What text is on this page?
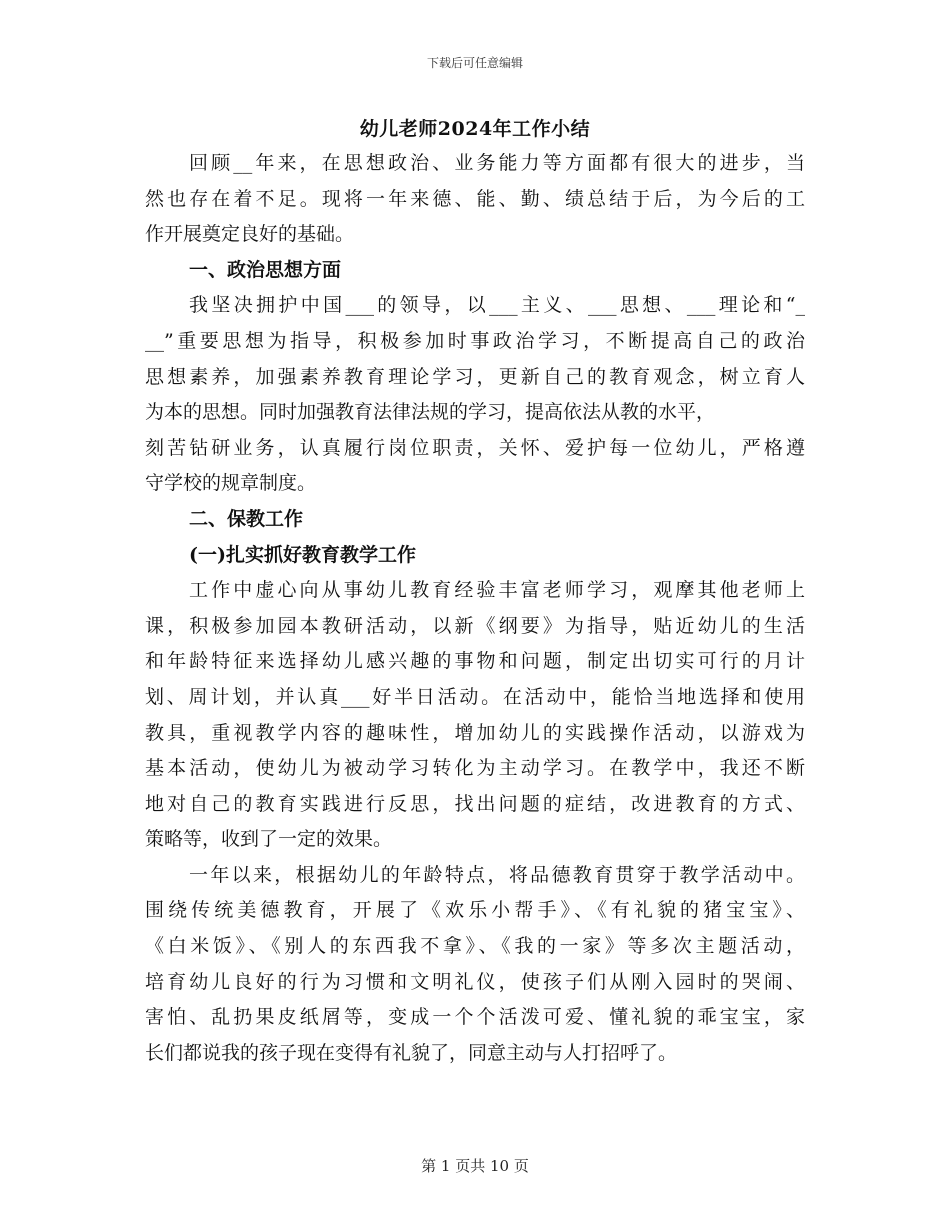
下载后可任意编辑
幼儿老师2024年工作小结
回顾__年来，在思想政治、业务能力等方面都有很大的进步，当
然也存在着不足。现将一年来德、能、勤、绩总结于后，为今后的工
作开展奠定良好的基础。
一、政治思想方面
我坚决拥护中国___的领导，以___主义、___思想、___理论和“_
__”重要思想为指导，积极参加时事政治学习，不断提高自己的政治
思想素养，加强素养教育理论学习，更新自己的教育观念，树立育人
为本的思想。同时加强教育法律法规的学习，提高依法从教的水平，
刻苦钻研业务，认真履行岗位职责，关怀、爱护每一位幼儿，严格遵
守学校的规章制度。
二、保教工作
(一)扎实抓好教育教学工作
工作中虚心向从事幼儿教育经验丰富老师学习，观摩其他老师上
课，积极参加园本教研活动，以新《纲要》为指导，贴近幼儿的生活
和年龄特征来选择幼儿感兴趣的事物和问题，制定出切实可行的月计
划、周计划，并认真___好半日活动。在活动中，能恰当地选择和使用
教具，重视教学内容的趣味性，增加幼儿的实践操作活动，以游戏为
基本活动，使幼儿为被动学习转化为主动学习。在教学中，我还不断
地对自己的教育实践进行反思，找出问题的症结，改进教育的方式、
策略等，收到了一定的效果。
一年以来，根据幼儿的年龄特点，将品德教育贯穿于教学活动中。
围绕传统美德教育，开展了《欢乐小帮手》、《有礼貌的猪宝宝》、
《白米饭》、《别人的东西我不拿》、《我的一家》等多次主题活动，
培育幼儿良好的行为习惯和文明礼仪，使孩子们从刚入园时的哭闹、
害怕、乱扔果皮纸屑等，变成一个个活泼可爱、懂礼貌的乖宝宝，家
长们都说我的孩子现在变得有礼貌了，同意主动与人打招呼了。
第 1 页共 10 页
